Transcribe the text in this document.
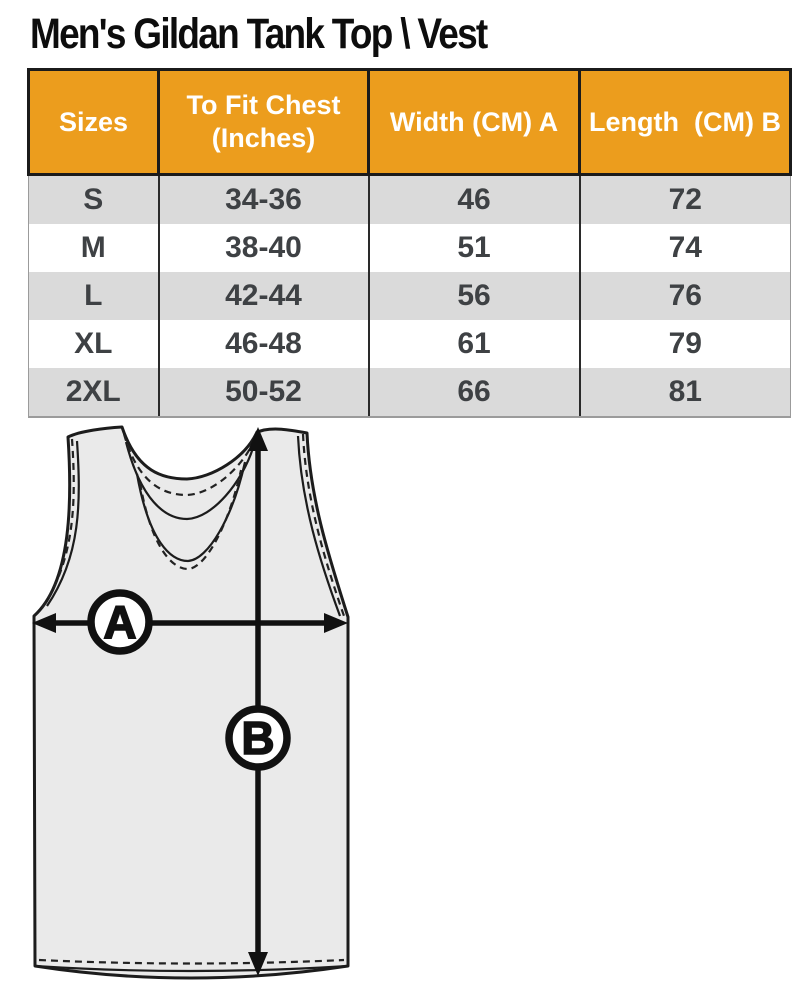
Men's Gildan Tank Top \ Vest
Sizes	To Fit Chest (Inches)	Width (CM) A	Length  (CM) B
S	34-36	46	72
M	38-40	51	74
L	42-44	56	76
XL	46-48	61	79
2XL	50-52	66	81
A
B
